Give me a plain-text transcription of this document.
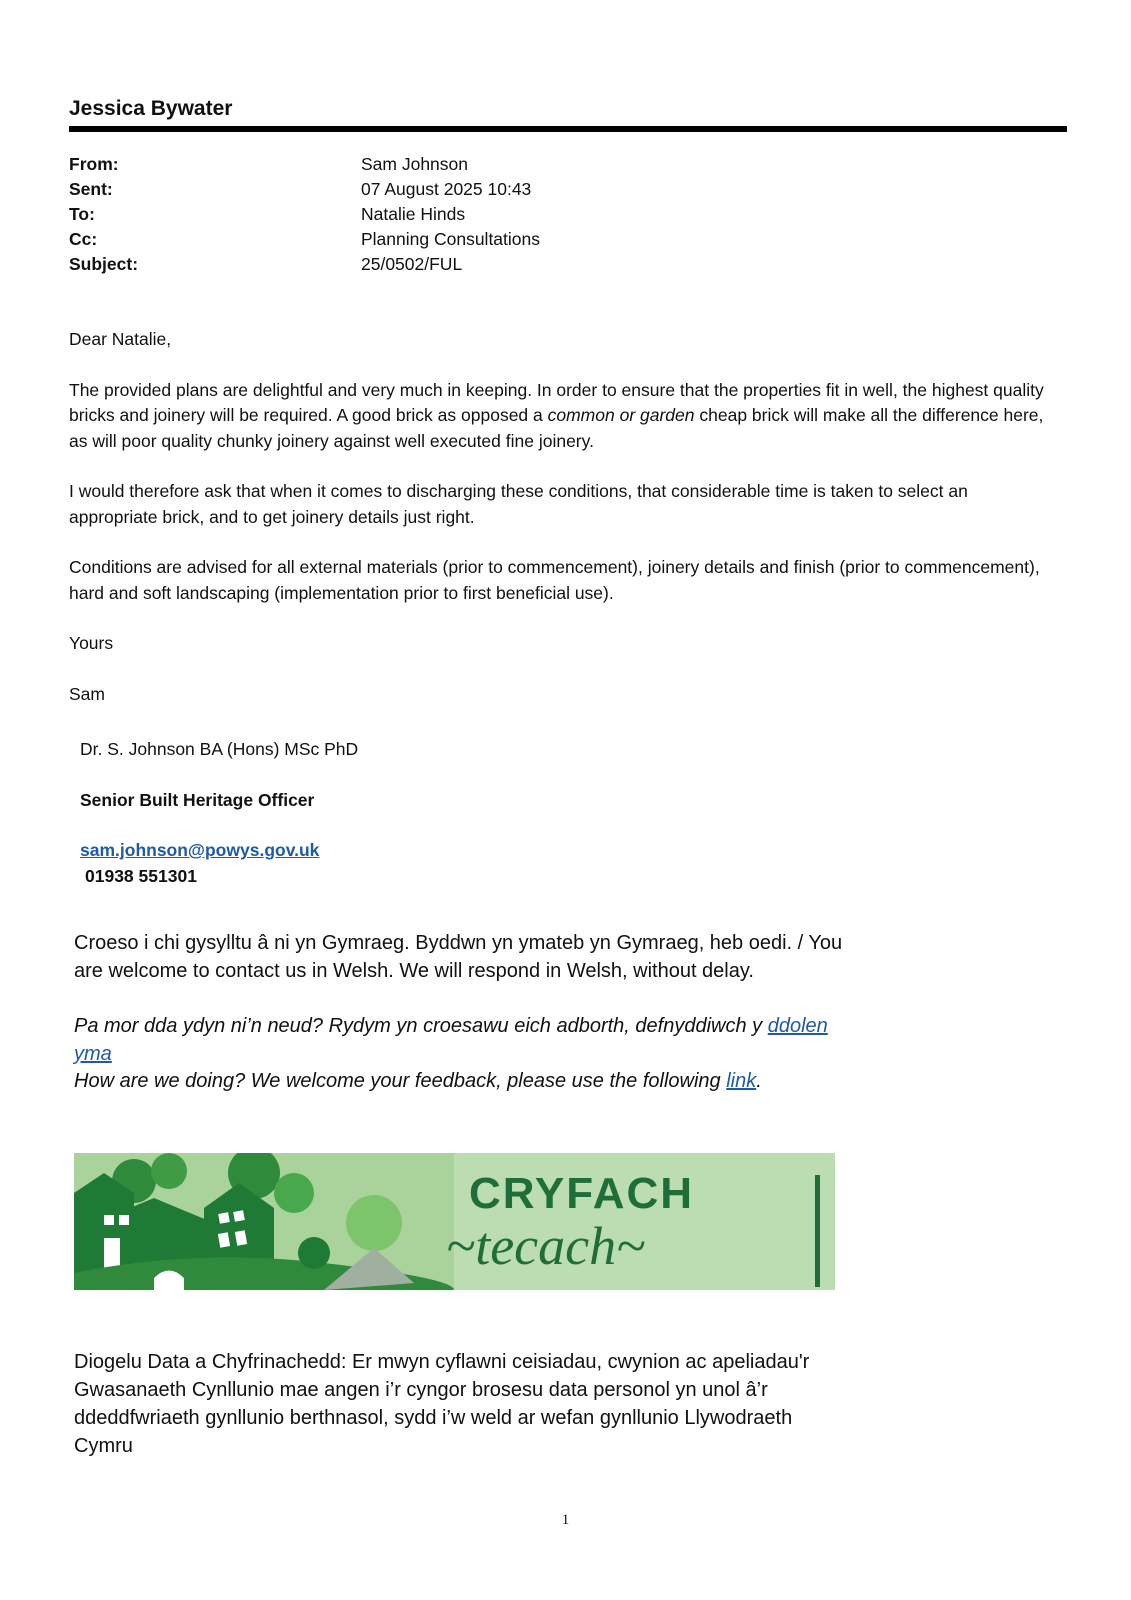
Jessica Bywater
From:	Sam Johnson
Sent:	07 August 2025 10:43
To:	Natalie Hinds
Cc:	Planning Consultations
Subject:	25/0502/FUL

Dear Natalie,

The provided plans are delightful and very much in keeping. In order to ensure that the properties fit in well, the highest quality bricks and joinery will be required. A good brick as opposed a common or garden cheap brick will make all the difference here, as will poor quality chunky joinery against well executed fine joinery.

I would therefore ask that when it comes to discharging these conditions, that considerable time is taken to select an appropriate brick, and to get joinery details just right.

Conditions are advised for all external materials (prior to commencement), joinery details and finish (prior to commencement), hard and soft landscaping (implementation prior to first beneficial use).

Yours

Sam

Dr. S. Johnson BA (Hons) MSc PhD

Senior Built Heritage Officer

sam.johnson@powys.gov.uk
01938 551301

Croeso i chi gysylltu â ni yn Gymraeg. Byddwn yn ymateb yn Gymraeg, heb oedi. / You are welcome to contact us in Welsh. We will respond in Welsh, without delay.

Pa mor dda ydyn ni’n neud? Rydym yn croesawu eich adborth, defnyddiwch y ddolen yma
How are we doing? We welcome your feedback, please use the following link.
CRYFACH
~tecach~
Diogelu Data a Chyfrinachedd: Er mwyn cyflawni ceisiadau, cwynion ac apeliadau'r Gwasanaeth Cynllunio mae angen i’r cyngor brosesu data personol yn unol â’r ddeddfwriaeth gynllunio berthnasol, sydd i’w weld ar wefan gynllunio Llywodraeth Cymru
1
